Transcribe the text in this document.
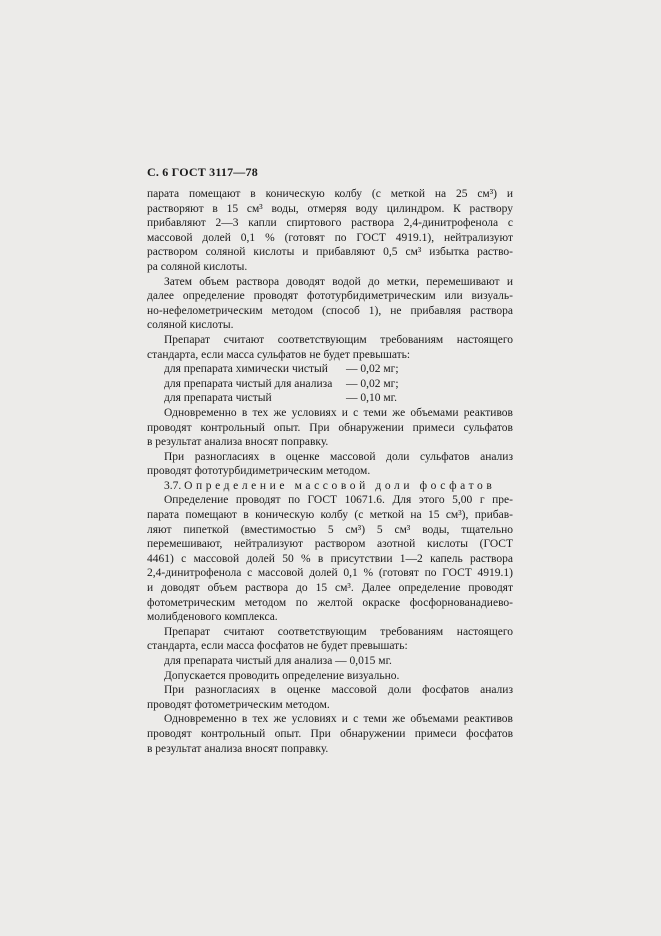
С. 6 ГОСТ 3117—78
парата помещают в коническую колбу (с меткой на 25 см³) и
растворяют в 15 см³ воды, отмеряя воду цилиндром. К раствору
прибавляют 2—3 капли спиртового раствора 2,4-динитрофенола с
массовой долей 0,1 % (готовят по ГОСТ 4919.1), нейтрализуют
раствором соляной кислоты и прибавляют 0,5 см³ избытка раство-
ра соляной кислоты.
Затем объем раствора доводят водой до метки, перемешивают и
далее определение проводят фототурбидиметрическим или визуаль-
но-нефелометрическим методом (способ 1), не прибавляя раствора
соляной кислоты.
Препарат считают соответствующим требованиям настоящего
стандарта, если масса сульфатов не будет превышать:
для препарата химически чистый	— 0,02 мг;
для препарата чистый для анализа	— 0,02 мг;
для препарата чистый	— 0,10 мг.
Одновременно в тех же условиях и с теми же объемами реактивов
проводят контрольный опыт. При обнаружении примеси сульфатов
в результат анализа вносят поправку.
При разногласиях в оценке массовой доли сульфатов анализ
проводят фототурбидиметрическим методом.
3.7. Определение массовой доли фосфатов
Определение проводят по ГОСТ 10671.6. Для этого 5,00 г пре-
парата помещают в коническую колбу (с меткой на 15 см³), прибав-
ляют пипеткой (вместимостью 5 см³) 5 см³ воды, тщательно
перемешивают, нейтрализуют раствором азотной кислоты (ГОСТ
4461) с массовой долей 50 % в присутствии 1—2 капель раствора
2,4-динитрофенола с массовой долей 0,1 % (готовят по ГОСТ 4919.1)
и доводят объем раствора до 15 см³. Далее определение проводят
фотометрическим методом по желтой окраске фосфорнованадиево-
молибденового комплекса.
Препарат считают соответствующим требованиям настоящего
стандарта, если масса фосфатов не будет превышать:
для препарата чистый для анализа — 0,015 мг.
Допускается проводить определение визуально.
При разногласиях в оценке массовой доли фосфатов анализ
проводят фотометрическим методом.
Одновременно в тех же условиях и с теми же объемами реактивов
проводят контрольный опыт. При обнаружении примеси фосфатов
в результат анализа вносят поправку.
